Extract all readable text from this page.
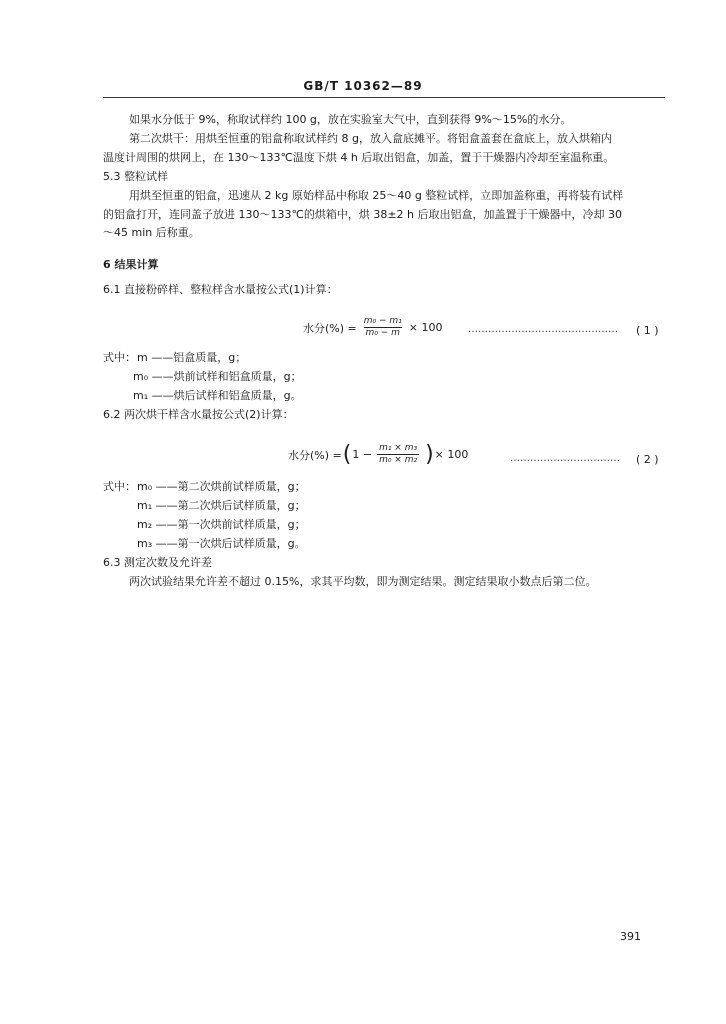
GB/T 10362—89
如果水分低于 9%，称取试样约 100 g，放在实验室大气中，直到获得 9%～15%的水分。
第二次烘干：用烘至恒重的铝盒称取试样约 8 g，放入盒底摊平。将铝盒盖套在盒底上，放入烘箱内
温度计周围的烘网上，在 130～133℃温度下烘 4 h 后取出铝盒，加盖，置于干燥器内冷却至室温称重。
5.3 整粒试样
用烘至恒重的铝盒，迅速从 2 kg 原始样品中称取 25～40 g 整粒试样，立即加盖称重，再将装有试样
的铝盒打开，连同盖子放进 130～133℃的烘箱中，烘 38±2 h 后取出铝盒，加盖置于干燥器中，冷却 30
～45 min 后称重。
6 结果计算
6.1 直接粉碎样、整粒样含水量按公式(1)计算：
水分(%) = $\frac{\text{m₀ − m₁}}{\text{m₀ − m}} \times 100$	……………………………………… ( 1 )
式中： m ——铝盒质量，g；
m₀ ——烘前试样和铝盒质量，g；
m₁ ——烘后试样和铝盒质量，g。
6.2 两次烘干样含水量按公式(2)计算：
水分(%) = ( $1 - \frac{\text{m₁ × m₃}}{\text{m₀ × m₂}}$ ) × 100	…………………………… ( 2 )
式中： m₀ ——第二次烘前试样质量，g；
m₁ ——第二次烘后试样质量，g；
m₂ ——第一次烘前试样质量，g；
m₃ ——第一次烘后试样质量，g。
6.3 测定次数及允许差
两次试验结果允许差不超过 0.15%，求其平均数，即为测定结果。测定结果取小数点后第二位。
391
